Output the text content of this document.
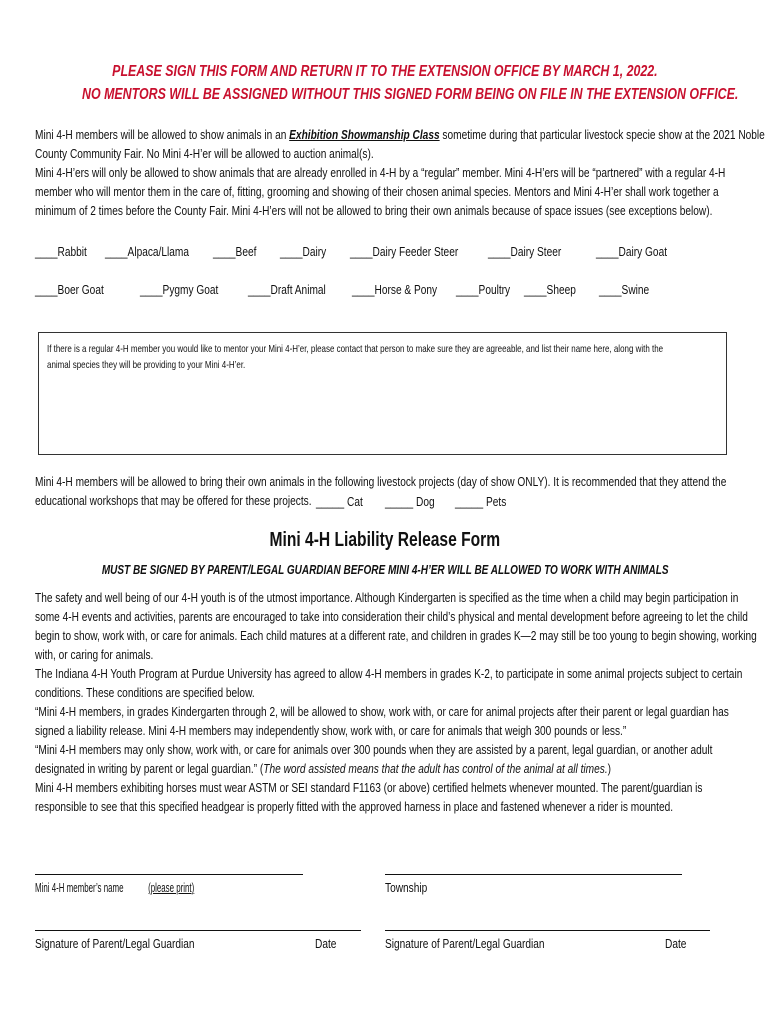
PLEASE SIGN THIS FORM AND RETURN IT TO THE EXTENSION OFFICE BY MARCH 1, 2022.
NO MENTORS WILL BE ASSIGNED WITHOUT THIS SIGNED FORM BEING ON FILE IN THE EXTENSION OFFICE.
Mini 4-H members will be allowed to show animals in an Exhibition Showmanship Class sometime during that particular livestock specie show at the 2021 Noble
County Community Fair. No Mini 4-H’er will be allowed to auction animal(s).
Mini 4-H’ers will only be allowed to show animals that are already enrolled in 4-H by a “regular” member. Mini 4-H’ers will be “partnered” with a regular 4-H
member who will mentor them in the care of, fitting, grooming and showing of their chosen animal species. Mentors and Mini 4-H’er shall work together a
minimum of 2 times before the County Fair. Mini 4-H’ers will not be allowed to bring their own animals because of space issues (see exceptions below).
____Rabbit	____Alpaca/Llama	____Beef	____Dairy	____Dairy Feeder Steer	____Dairy Steer	____Dairy Goat
____Boer Goat	____Pygmy Goat	____Draft Animal	____Horse & Pony	____Poultry	____Sheep	____Swine
If there is a regular 4-H member you would like to mentor your Mini 4-H’er, please contact that person to make sure they are agreeable, and list their name here, along with the
animal species they will be providing to your Mini 4-H’er.
Mini 4-H members will be allowed to bring their own animals in the following livestock projects (day of show ONLY). It is recommended that they attend the
educational workshops that may be offered for these projects. _____ Cat	_____ Dog	_____ Pets
Mini 4-H Liability Release Form
MUST BE SIGNED BY PARENT/LEGAL GUARDIAN BEFORE MINI 4-H’ER WILL BE ALLOWED TO WORK WITH ANIMALS
The safety and well being of our 4-H youth is of the utmost importance. Although Kindergarten is specified as the time when a child may begin participation in
some 4-H events and activities, parents are encouraged to take into consideration their child’s physical and mental development before agreeing to let the child
begin to show, work with, or care for animals. Each child matures at a different rate, and children in grades K—2 may still be too young to begin showing, working
with, or caring for animals.
The Indiana 4-H Youth Program at Purdue University has agreed to allow 4-H members in grades K-2, to participate in some animal projects subject to certain
conditions. These conditions are specified below.
“Mini 4-H members, in grades Kindergarten through 2, will be allowed to show, work with, or care for animal projects after their parent or legal guardian has
signed a liability release. Mini 4-H members may independently show, work with, or care for animals that weigh 300 pounds or less.”
“Mini 4-H members may only show, work with, or care for animals over 300 pounds when they are assisted by a parent, legal guardian, or another adult
designated in writing by parent or legal guardian.” (The word assisted means that the adult has control of the animal at all times.)
Mini 4-H members exhibiting horses must wear ASTM or SEI standard F1163 (or above) certified helmets whenever mounted. The parent/guardian is
responsible to see that this specified headgear is properly fitted with the approved harness in place and fastened whenever a rider is mounted.
Mini 4-H member’s name(please print)	Township
Signature of Parent/Legal Guardian	Date	Signature of Parent/Legal Guardian	Date
